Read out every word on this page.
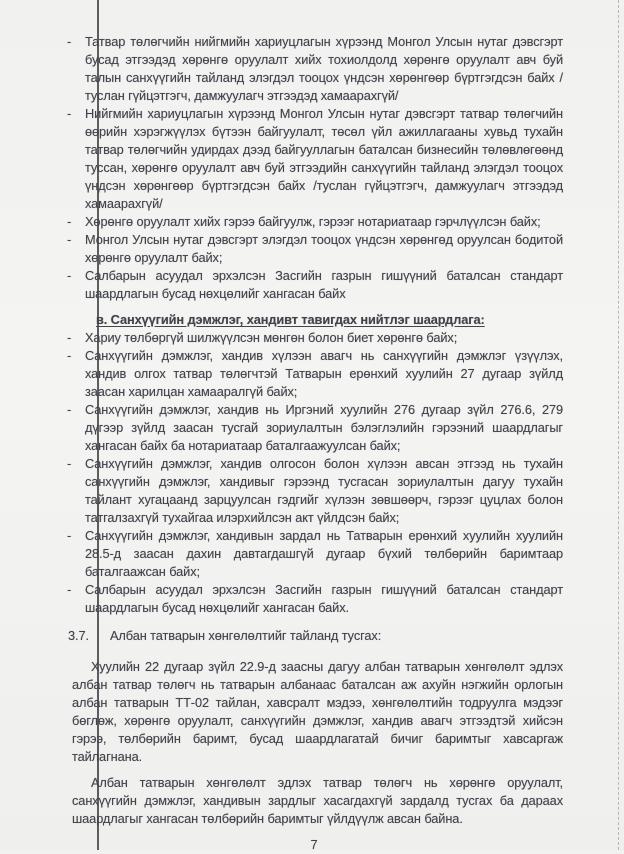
- Татвар төлөгчийн нийгмийн хариуцлагын хүрээнд Монгол Улсын нутаг дэвсгэрт бусад этгээдэд хөрөнгө оруулалт хийх тохиолдолд хөрөнгө оруулалт авч буй талын санхүүгийн тайланд элэгдэл тооцох үндсэн хөрөнгөөр бүртгэгдсэн байх /туслан гүйцэтгэгч, дамжуулагч этгээдэд хамаарахгүй/
- Нийгмийн хариуцлагын хүрээнд Монгол Улсын нутаг дэвсгэрт татвар төлөгчийн өөрийн хэрэгжүүлэх бүтээн байгуулалт, төсөл үйл ажиллагааны хувьд тухайн татвар төлөгчийн удирдах дээд байгууллагын баталсан бизнесийн төлөвлөгөөнд туссан, хөрөнгө оруулалт авч буй этгээдийн санхүүгийн тайланд элэгдэл тооцох үндсэн хөрөнгөөр бүртгэгдсэн байх /туслан гүйцэтгэгч, дамжуулагч этгээдэд хамаарахгүй/
- Хөрөнгө оруулалт хийх гэрээ байгуулж, гэрээг нотариатаар гэрчлүүлсэн байх;
- Монгол Улсын нутаг дэвсгэрт элэгдэл тооцох үндсэн хөрөнгөд оруулсан бодитой хөрөнгө оруулалт байх;
- Салбарын асуудал эрхэлсэн Засгийн газрын гишүүний баталсан стандарт шаардлагын бусад нөхцөлийг хангасан байх
в. Санхүүгийн дэмжлэг, хандивт тавигдах нийтлэг шаардлага:
- Хариу төлбөргүй шилжүүлсэн мөнгөн болон биет хөрөнгө байх;
- Санхүүгийн дэмжлэг, хандив хүлээн авагч нь санхүүгийн дэмжлэг үзүүлэх, хандив олгох татвар төлөгчтэй Татварын ерөнхий хуулийн 27 дугаар зүйлд заасан харилцан хамааралгүй байх;
- Санхүүгийн дэмжлэг, хандив нь Иргэний хуулийн 276 дугаар зүйл 276.6, 279 дүгээр зүйлд заасан тусгай зориулалтын бэлэглэлийн гэрээний шаардлагыг хангасан байх ба нотариатаар баталгаажуулсан байх;
- Санхүүгийн дэмжлэг, хандив олгосон болон хүлээн авсан этгээд нь тухайн санхүүгийн дэмжлэг, хандивыг гэрээнд тусгасан зориулалтын дагуу тухайн тайлант хугацаанд зарцуулсан гэдгийг хүлээн зөвшөөрч, гэрээг цуцлах болон татгалзахгүй тухайгаа илэрхийлсэн акт үйлдсэн байх;
- Санхүүгийн дэмжлэг, хандивын зардал нь Татварын ерөнхий хуулийн хуулийн 28.5-д заасан дахин давтагдашгүй дугаар бүхий төлбөрийн баримтаар баталгаажсан байх;
- Салбарын асуудал эрхэлсэн Засгийн газрын гишүүний баталсан стандарт шаардлагын бусад нөхцөлийг хангасан байх.
3.7.	Албан татварын хөнгөлөлтийг тайланд тусгах:

Хуулийн 22 дугаар зүйл 22.9-д заасны дагуу албан татварын хөнгөлөлт эдлэх албан татвар төлөгч нь татварын албанаас баталсан аж ахуйн нэгжийн орлогын албан татварын ТТ-02 тайлан, хавсралт мэдээ, хөнгөлөлтийн тодруулга мэдээг бөглөж, хөрөнгө оруулалт, санхүүгийн дэмжлэг, хандив авагч этгээдтэй хийсэн гэрээ, төлбөрийн баримт, бусад шаардлагатай бичиг баримтыг хавсаргаж тайлагнана.

Албан татварын хөнгөлөлт эдлэх татвар төлөгч нь хөрөнгө оруулалт, санхүүгийн дэмжлэг, хандивын зардлыг хасагдахгүй зардалд тусгах ба дараах шаардлагыг хангасан төлбөрийн баримтыг үйлдүүлж авсан байна.

7
